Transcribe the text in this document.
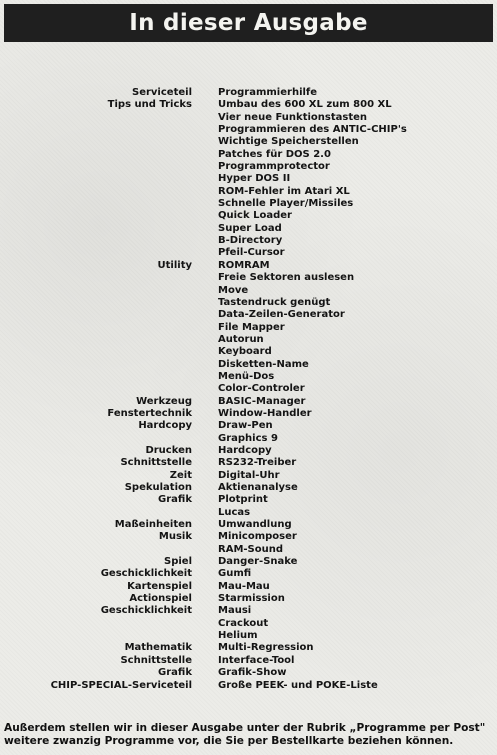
In dieser Ausgabe
Serviceteil	Programmierhilfe
Tips und Tricks	Umbau des 600 XL zum 800 XL
Vier neue Funktionstasten
Programmieren des ANTIC-CHIP's
Wichtige Speicherstellen
Patches für DOS 2.0
Programmprotector
Hyper DOS II
ROM-Fehler im Atari XL
Schnelle Player/Missiles
Quick Loader
Super Load
B-Directory
Pfeil-Cursor
Utility	ROMRAM
Freie Sektoren auslesen
Move
Tastendruck genügt
Data-Zeilen-Generator
File Mapper
Autorun
Keyboard
Disketten-Name
Menü-Dos
Color-Controler
Werkzeug	BASIC-Manager
Fenstertechnik	Window-Handler
Hardcopy	Draw-Pen
Graphics 9
Drucken	Hardcopy
Schnittstelle	RS232-Treiber
Zeit	Digital-Uhr
Spekulation	Aktienanalyse
Grafik	Plotprint
Lucas
Maßeinheiten	Umwandlung
Musik	Minicomposer
RAM-Sound
Spiel	Danger-Snake
Geschicklichkeit	Gumfi
Kartenspiel	Mau-Mau
Actionspiel	Starmission
Geschicklichkeit	Mausi
Crackout
Helium
Mathematik	Multi-Regression
Schnittstelle	Interface-Tool
Grafik	Grafik-Show
CHIP-SPECIAL-Serviceteil	Große PEEK- und POKE-Liste
Außerdem stellen wir in dieser Ausgabe unter der Rubrik „Programme per Post"
weitere zwanzig Programme vor, die Sie per Bestellkarte beziehen können.
